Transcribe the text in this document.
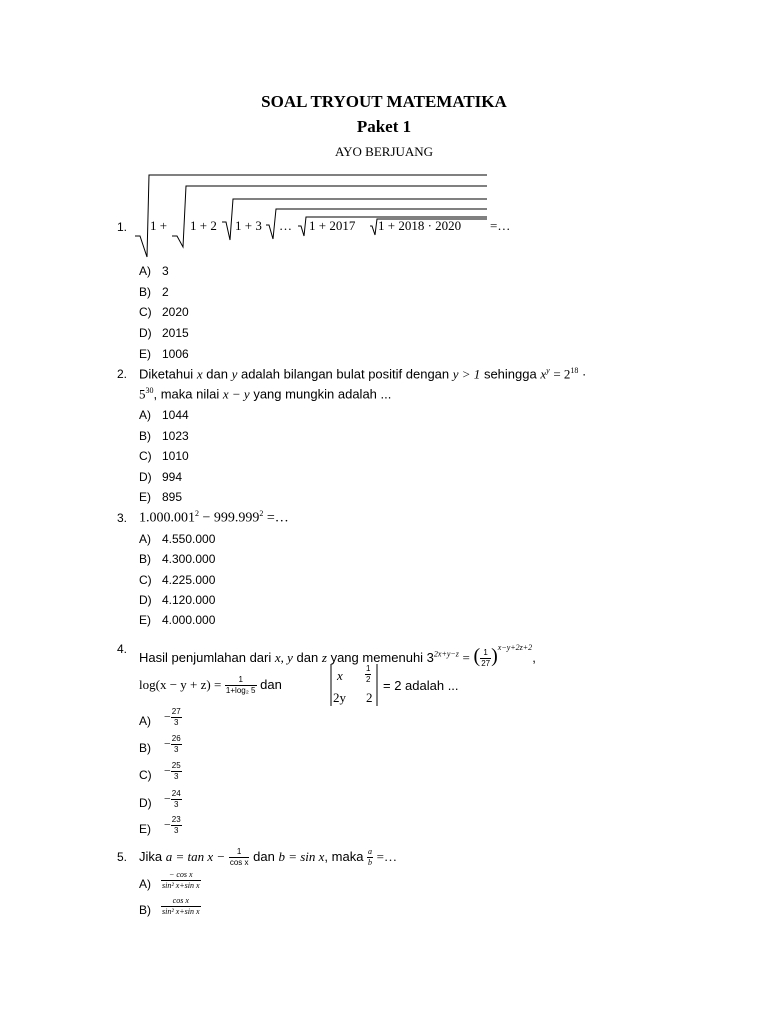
SOAL TRYOUT MATEMATIKA
Paket 1
AYO BERJUANG
1. 1 + 1 + 2 1 + 3 … 1 + 2017 1 + 2018 · 2020 =…
A) 3
B) 2
C) 2020
D) 2015
E) 1006
2. Diketahui x dan y adalah bilangan bulat positif dengan y > 1 sehingga $x^y = 2^{18}$ ·
$5^{30}$, maka nilai x − y yang mungkin adalah ...
A) 1044
B) 1023
C) 1010
D) 994
E) 895
3. $1.000.001^2 - 999.999^2$ =…
A) 4.550.000
B) 4.300.000
C) 4.225.000
D) 4.120.000
E) 4.000.000
4.
Hasil penjumlahan dari x, y dan z yang memenuhi $3^{2x+y-z}$ = ( $\frac{1}{27} )^{x-y+2z+2}$,
$\log(x - y + z) = \frac{1}{\text{1+log₂ 5}}$ dan
x	$\frac{1}{2}$
2y 2
= 2 adalah ...
$A) - \frac{27}{3}$
$B) - \frac{26}{3}$
$C) - \frac{25}{3}$
$D) - \frac{24}{3}$
$E) - \frac{23}{3}$
5. Jika $a = \tan x - \frac{1}{\text{cos x}}$ dan b = sin x, maka $\frac{a}{b}$ =…
$A) \frac{\text{− cos x}}{\text{sin² x+sin x}}$
$B) \frac{\text{cos x}}{\text{sin² x+sin x}}$
